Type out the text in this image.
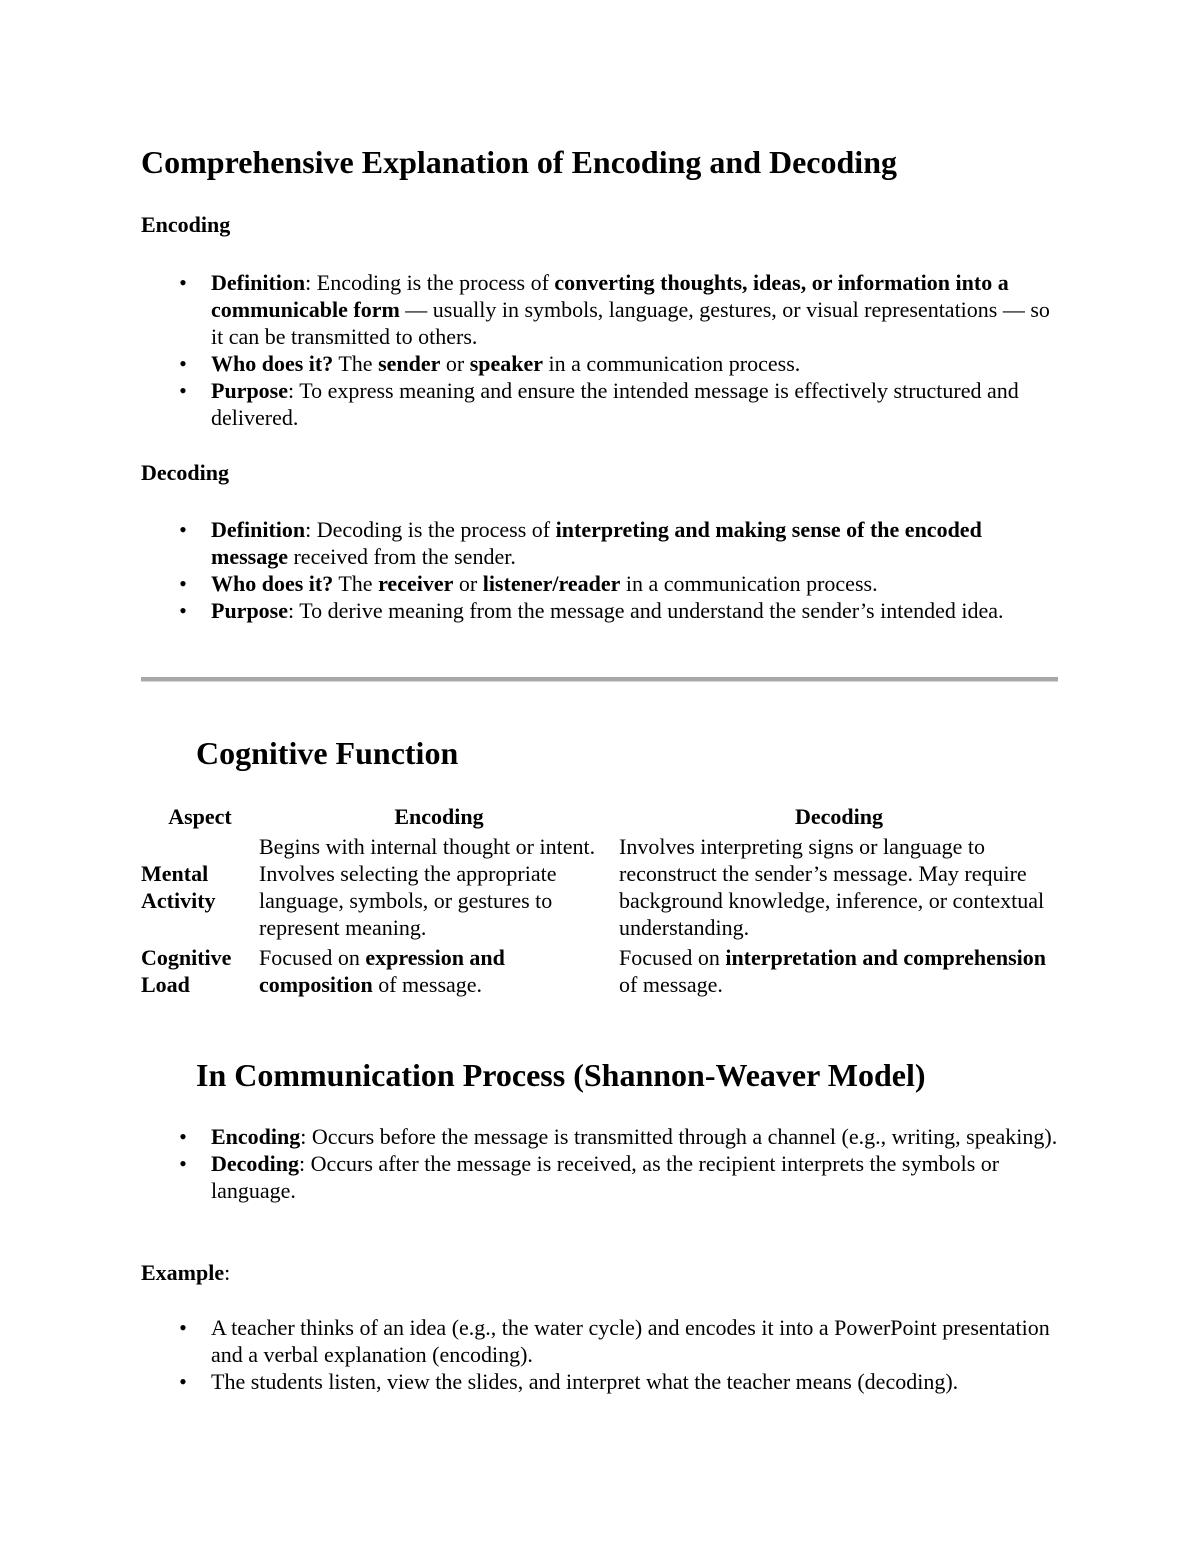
Comprehensive Explanation of Encoding and Decoding
Encoding
• Definition: Encoding is the process of converting thoughts, ideas, or information into a communicable form — usually in symbols, language, gestures, or visual representations — so it can be transmitted to others.
• Who does it? The sender or speaker in a communication process.
• Purpose: To express meaning and ensure the intended message is effectively structured and delivered.
Decoding
• Definition: Decoding is the process of interpreting and making sense of the encoded message received from the sender.
• Who does it? The receiver or listener/reader in a communication process.
• Purpose: To derive meaning from the message and understand the sender’s intended idea.
Cognitive Function
Aspect	Encoding	Decoding
Mental Activity	Begins with internal thought or intent. Involves selecting the appropriate language, symbols, or gestures to represent meaning.	Involves interpreting signs or language to reconstruct the sender’s message. May require background knowledge, inference, or contextual understanding.
Cognitive Load	Focused on expression and composition of message.	Focused on interpretation and comprehension of message.
In Communication Process (Shannon-Weaver Model)
• Encoding: Occurs before the message is transmitted through a channel (e.g., writing, speaking).
• Decoding: Occurs after the message is received, as the recipient interprets the symbols or language.
Example:
• A teacher thinks of an idea (e.g., the water cycle) and encodes it into a PowerPoint presentation and a verbal explanation (encoding).
• The students listen, view the slides, and interpret what the teacher means (decoding).
